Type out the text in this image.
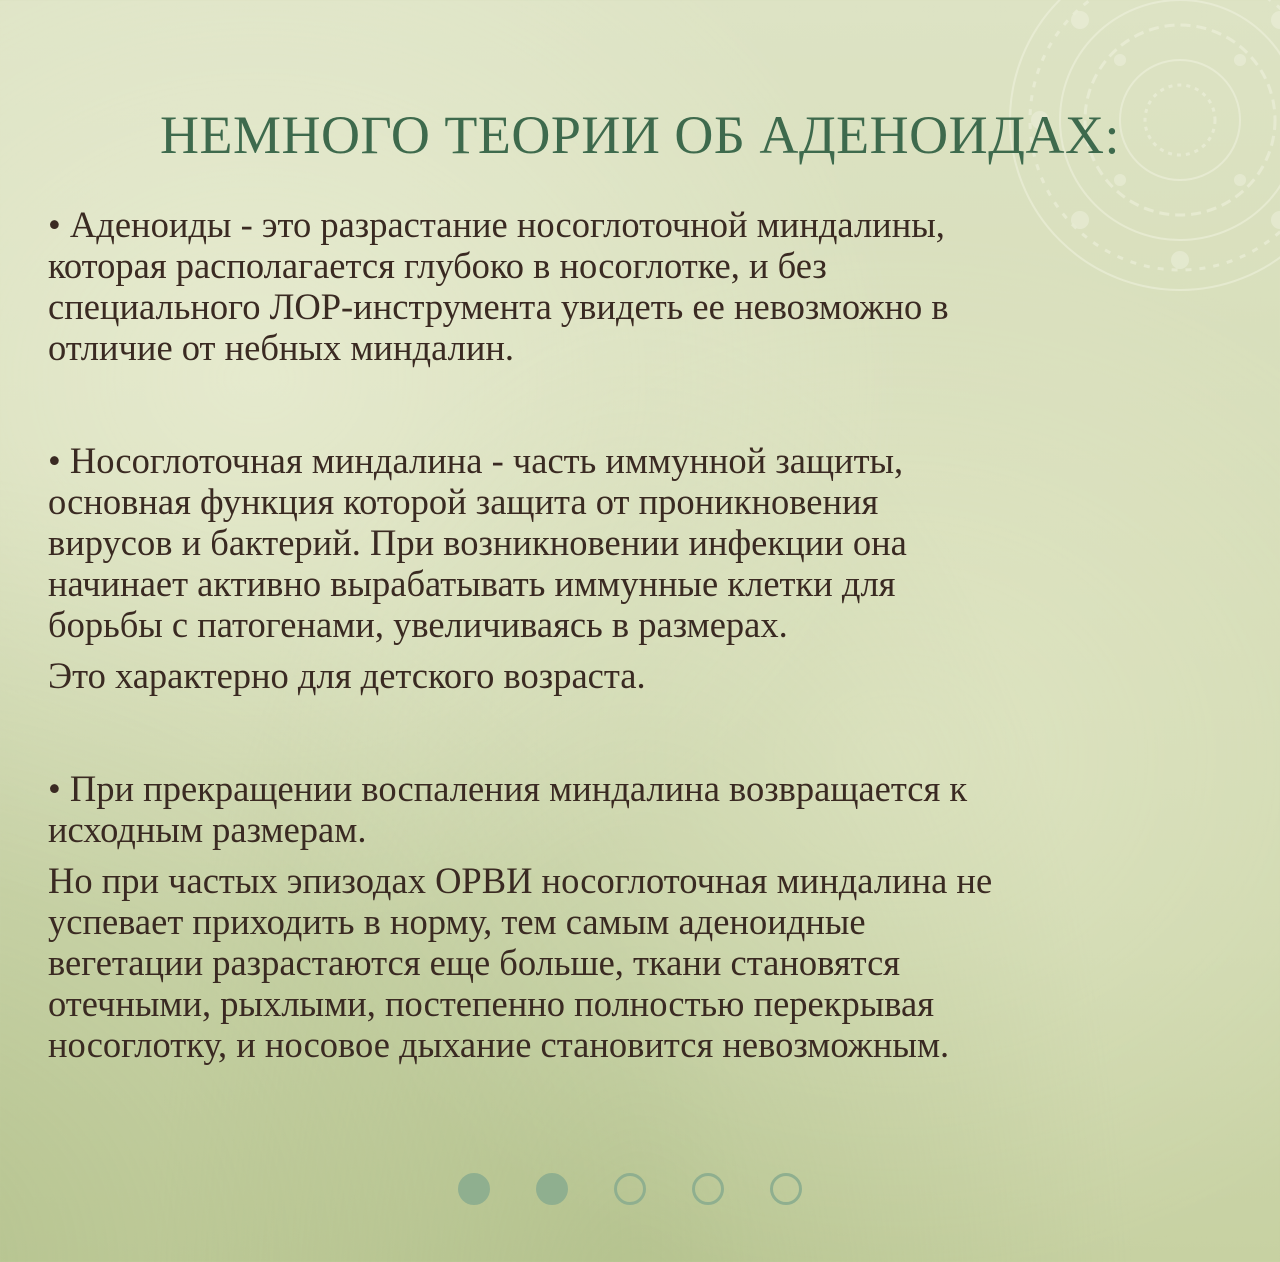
НЕМНОГО ТЕОРИИ ОБ АДЕНОИДАХ:
• Аденоиды - это разрастание носоглоточной миндалины,
которая располагается глубоко в носоглотке, и без
специального ЛОР-инструмента увидеть ее невозможно в
отличие от небных миндалин.
• Носоглоточная миндалина - часть иммунной защиты,
основная функция которой защита от проникновения
вирусов и бактерий. При возникновении инфекции она
начинает активно вырабатывать иммунные клетки для
борьбы с патогенами, увеличиваясь в размерах.
Это характерно для детского возраста.
• При прекращении воспаления миндалина возвращается к
исходным размерам.
Но при частых эпизодах ОРВИ носоглоточная миндалина не
успевает приходить в норму, тем самым аденоидные
вегетации разрастаются еще больше, ткани становятся
отечными, рыхлыми, постепенно полностью перекрывая
носоглотку, и носовое дыхание становится невозможным.
